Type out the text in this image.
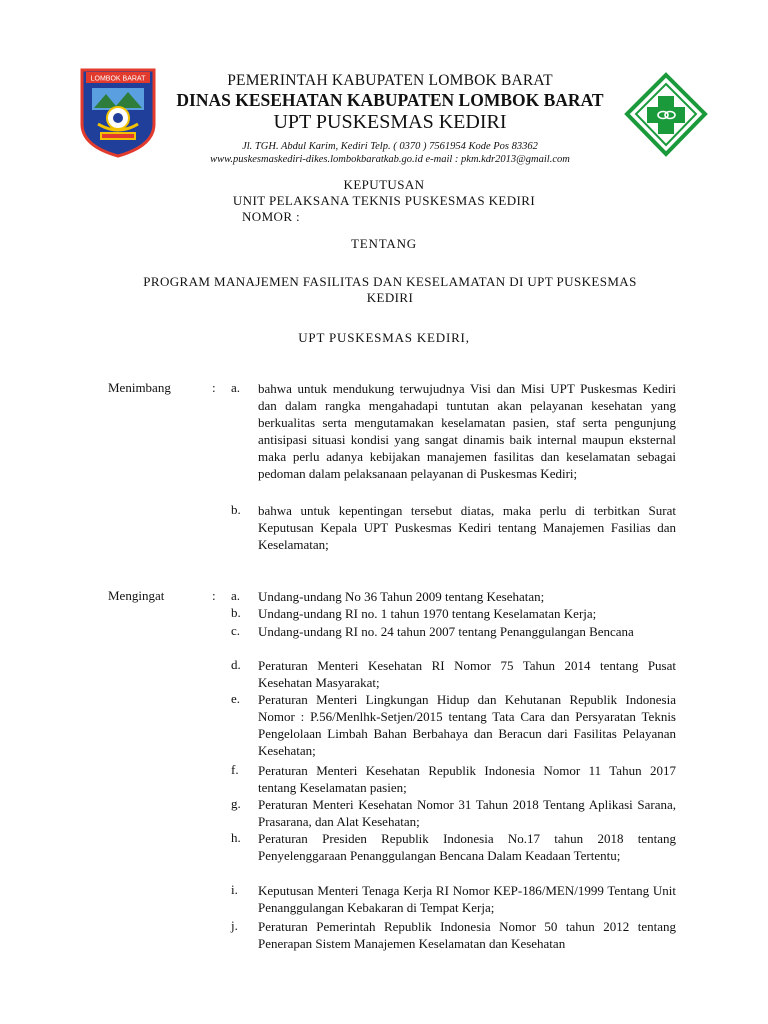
LOMBOK BARAT	PEMERINTAH KABUPATEN LOMBOK BARAT
DINAS KESEHATAN KABUPATEN LOMBOK BARAT
UPT PUSKESMAS KEDIRI
Jl. TGH. Abdul Karim, Kediri Telp. ( 0370 ) 7561954 Kode Pos 83362
www.puskesmaskediri-dikes.lombokbaratkab.go.id e-mail : pkm.kdr2013@gmail.com
KEPUTUSAN
UNIT PELAKSANA TEKNIS PUSKESMAS KEDIRI
NOMOR :
TENTANG
PROGRAM MANAJEMEN FASILITAS DAN KESELAMATAN DI UPT PUSKESMAS KEDIRI
UPT PUSKESMAS KEDIRI,
Menimbang	: a. bahwa untuk mendukung terwujudnya Visi dan Misi UPT Puskesmas Kediri dan dalam rangka mengahadapi tuntutan akan pelayanan kesehatan yang berkualitas serta mengutamakan keselamatan pasien, staf serta pengunjung antisipasi situasi kondisi yang sangat dinamis baik internal maupun eksternal maka perlu adanya kebijakan manajemen fasilitas dan keselamatan sebagai pedoman dalam pelaksanaan pelayanan di Puskesmas Kediri;
b. bahwa untuk kepentingan tersebut diatas, maka perlu di terbitkan Surat Keputusan Kepala UPT Puskesmas Kediri tentang Manajemen Fasilias dan Keselamatan;
Mengingat	: a. Undang-undang No 36 Tahun 2009 tentang Kesehatan;
b. Undang-undang RI no. 1 tahun 1970 tentang Keselamatan Kerja;
c. Undang-undang RI no. 24 tahun 2007 tentang Penanggulangan Bencana
d. Peraturan Menteri Kesehatan RI Nomor 75 Tahun 2014 tentang Pusat Kesehatan Masyarakat;
e. Peraturan Menteri Lingkungan Hidup dan Kehutanan Republik Indonesia Nomor : P.56/Menlhk-Setjen/2015 tentang Tata Cara dan Persyaratan Teknis Pengelolaan Limbah Bahan Berbahaya dan Beracun dari Fasilitas Pelayanan Kesehatan;
f. Peraturan Menteri Kesehatan Republik Indonesia Nomor 11 Tahun 2017 tentang Keselamatan pasien;
g. Peraturan Menteri Kesehatan Nomor 31 Tahun 2018 Tentang Aplikasi Sarana, Prasarana, dan Alat Kesehatan;
h. Peraturan Presiden Republik Indonesia No.17 tahun 2018 tentang Penyelenggaraan Penanggulangan Bencana Dalam Keadaan Tertentu;
i. Keputusan Menteri Tenaga Kerja RI Nomor KEP-186/MEN/1999 Tentang Unit Penanggulangan Kebakaran di Tempat Kerja;
j. Peraturan Pemerintah Republik Indonesia Nomor 50 tahun 2012 tentang Penerapan Sistem Manajemen Keselamatan dan Kesehatan
